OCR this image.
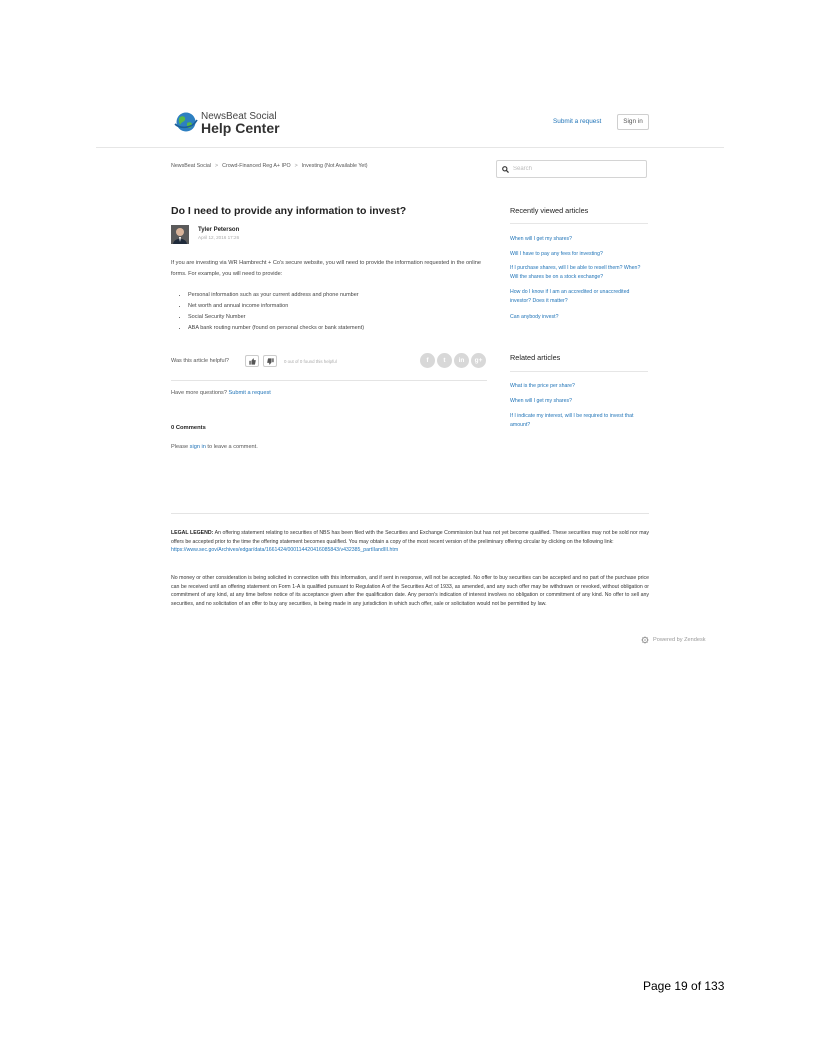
NewsBeat Social
Help Center	Submit a request	Sign in
NewsBeat Social > Crowd-Financed Reg A+ IPO > Investing (Not Available Yet)
Search
Do I need to provide any information to invest?
Tyler Peterson
April 12, 2016 17:26
If you are investing via WR Hambrecht + Co's secure website, you will need to provide the information requested in the online forms. For example, you will need to provide:
• Personal information such as your current address and phone number
• Net worth and annual income information
• Social Security Number
• ABA bank routing number (found on personal checks or bank statement)
Was this article helpful?	0 out of 0 found this helpful	f	t	in	g+
Have more questions? Submit a request
0 Comments
Please sign in to leave a comment.
Recently viewed articles
When will I get my shares?
Will I have to pay any fees for investing?
If I purchase shares, will I be able to resell them? When? Will the shares be on a stock exchange?
How do I know if I am an accredited or unaccredited investor? Does it matter?
Can anybody invest?
Related articles
What is the price per share?
When will I get my shares?
If I indicate my interest, will I be required to invest that amount?
LEGAL LEGEND: An offering statement relating to securities of NBS has been filed with the Securities and Exchange Commission but has not yet become qualified. These securities may not be sold nor may offers be accepted prior to the time the offering statement becomes qualified. You may obtain a copy of the most recent version of the preliminary offering circular by clicking on the following link:
https://www.sec.gov/Archives/edgar/data/1661424/000114420416085843/v432385_partIIandIII.htm
No money or other consideration is being solicited in connection with this information, and if sent in response, will not be accepted. No offer to buy securities can be accepted and no part of the purchase price can be received until an offering statement on Form 1-A is qualified pursuant to Regulation A of the Securities Act of 1933, as amended, and any such offer may be withdrawn or revoked, without obligation or commitment of any kind, at any time before notice of its acceptance given after the qualification date. Any person's indication of interest involves no obligation or commitment of any kind. No offer to sell any securities, and no solicitation of an offer to buy any securities, is being made in any jurisdiction in which such offer, sale or solicitation would not be permitted by law.
Powered by Zendesk
Page 19 of 133
